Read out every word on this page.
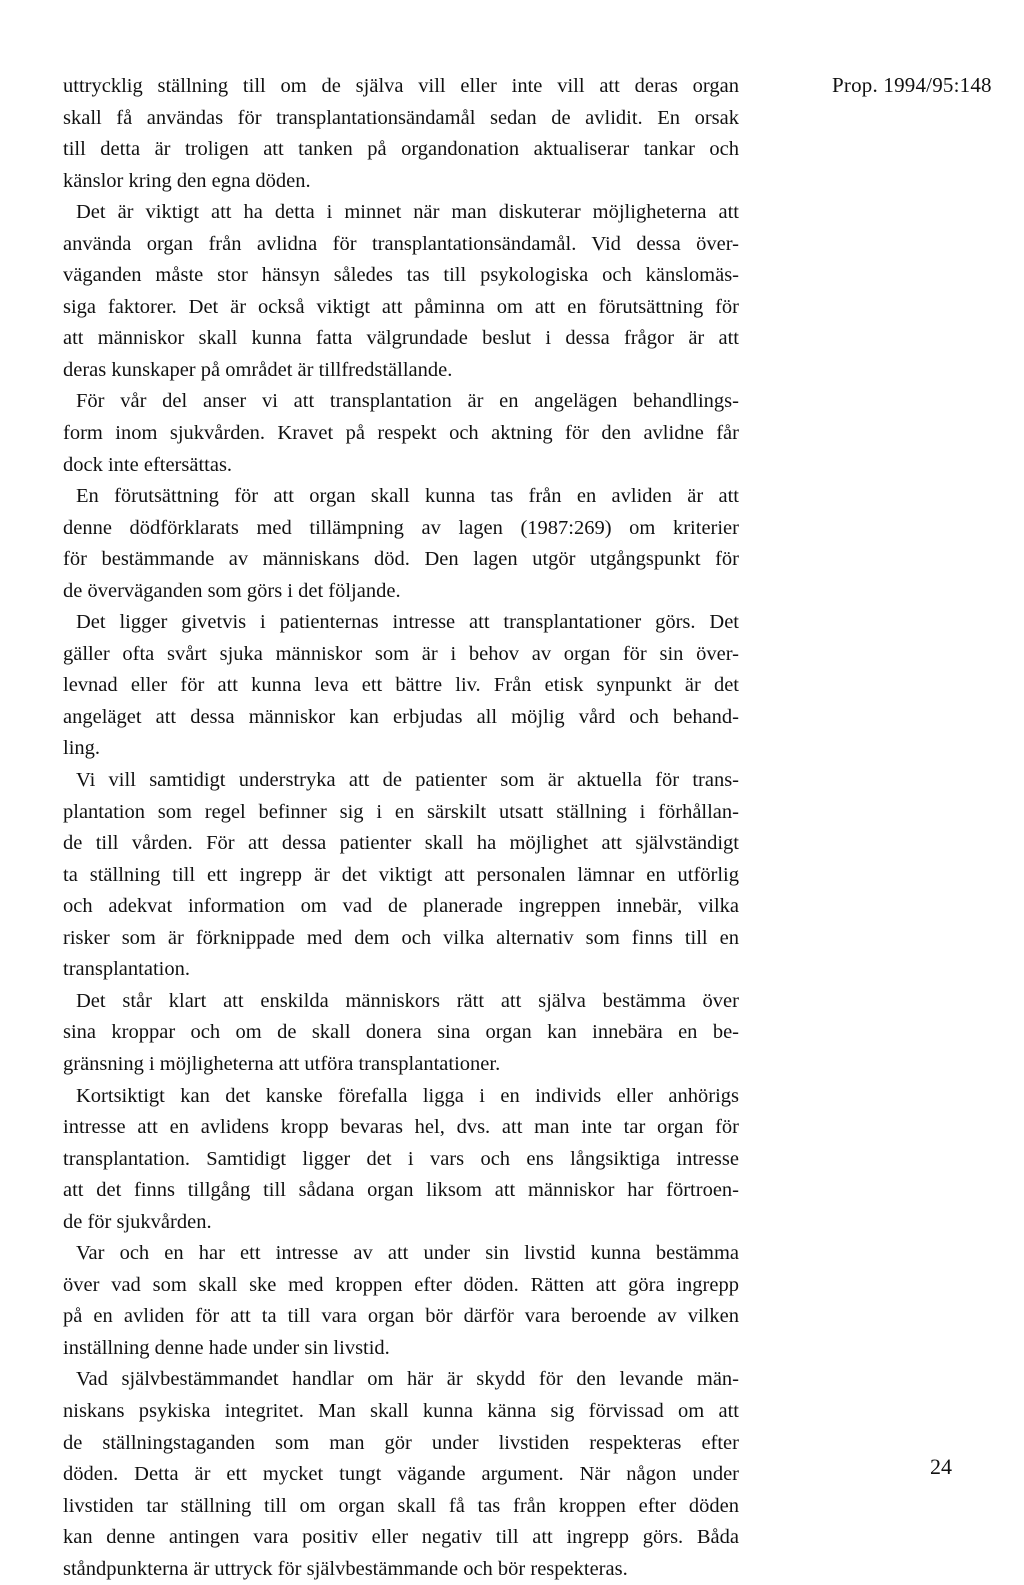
Prop. 1994/95:148
uttrycklig ställning till om de själva vill eller inte vill att deras organ
skall få användas för transplantationsändamål sedan de avlidit. En orsak
till detta är troligen att tanken på organdonation aktualiserar tankar och
känslor kring den egna döden.
Det är viktigt att ha detta i minnet när man diskuterar möjligheterna att
använda organ från avlidna för transplantationsändamål. Vid dessa över-
väganden måste stor hänsyn således tas till psykologiska och känslomäs-
siga faktorer. Det är också viktigt att påminna om att en förutsättning för
att människor skall kunna fatta välgrundade beslut i dessa frågor är att
deras kunskaper på området är tillfredställande.
För vår del anser vi att transplantation är en angelägen behandlings-
form inom sjukvården. Kravet på respekt och aktning för den avlidne får
dock inte eftersättas.
En förutsättning för att organ skall kunna tas från en avliden är att
denne dödförklarats med tillämpning av lagen (1987:269) om kriterier
för bestämmande av människans död. Den lagen utgör utgångspunkt för
de överväganden som görs i det följande.
Det ligger givetvis i patienternas intresse att transplantationer görs. Det
gäller ofta svårt sjuka människor som är i behov av organ för sin över-
levnad eller för att kunna leva ett bättre liv. Från etisk synpunkt är det
angeläget att dessa människor kan erbjudas all möjlig vård och behand-
ling.
Vi vill samtidigt understryka att de patienter som är aktuella för trans-
plantation som regel befinner sig i en särskilt utsatt ställning i förhållan-
de till vården. För att dessa patienter skall ha möjlighet att självständigt
ta ställning till ett ingrepp är det viktigt att personalen lämnar en utförlig
och adekvat information om vad de planerade ingreppen innebär, vilka
risker som är förknippade med dem och vilka alternativ som finns till en
transplantation.
Det står klart att enskilda människors rätt att själva bestämma över
sina kroppar och om de skall donera sina organ kan innebära en be-
gränsning i möjligheterna att utföra transplantationer.
Kortsiktigt kan det kanske förefalla ligga i en individs eller anhörigs
intresse att en avlidens kropp bevaras hel, dvs. att man inte tar organ för
transplantation. Samtidigt ligger det i vars och ens långsiktiga intresse
att det finns tillgång till sådana organ liksom att människor har förtroen-
de för sjukvården.
Var och en har ett intresse av att under sin livstid kunna bestämma
över vad som skall ske med kroppen efter döden. Rätten att göra ingrepp
på en avliden för att ta till vara organ bör därför vara beroende av vilken
inställning denne hade under sin livstid.
Vad självbestämmandet handlar om här är skydd för den levande män-
niskans psykiska integritet. Man skall kunna känna sig förvissad om att
de ställningstaganden som man gör under livstiden respekteras efter
döden. Detta är ett mycket tungt vägande argument. När någon under
livstiden tar ställning till om organ skall få tas från kroppen efter döden
kan denne antingen vara positiv eller negativ till att ingrepp görs. Båda
ståndpunkterna är uttryck för självbestämmande och bör respekteras.
24
